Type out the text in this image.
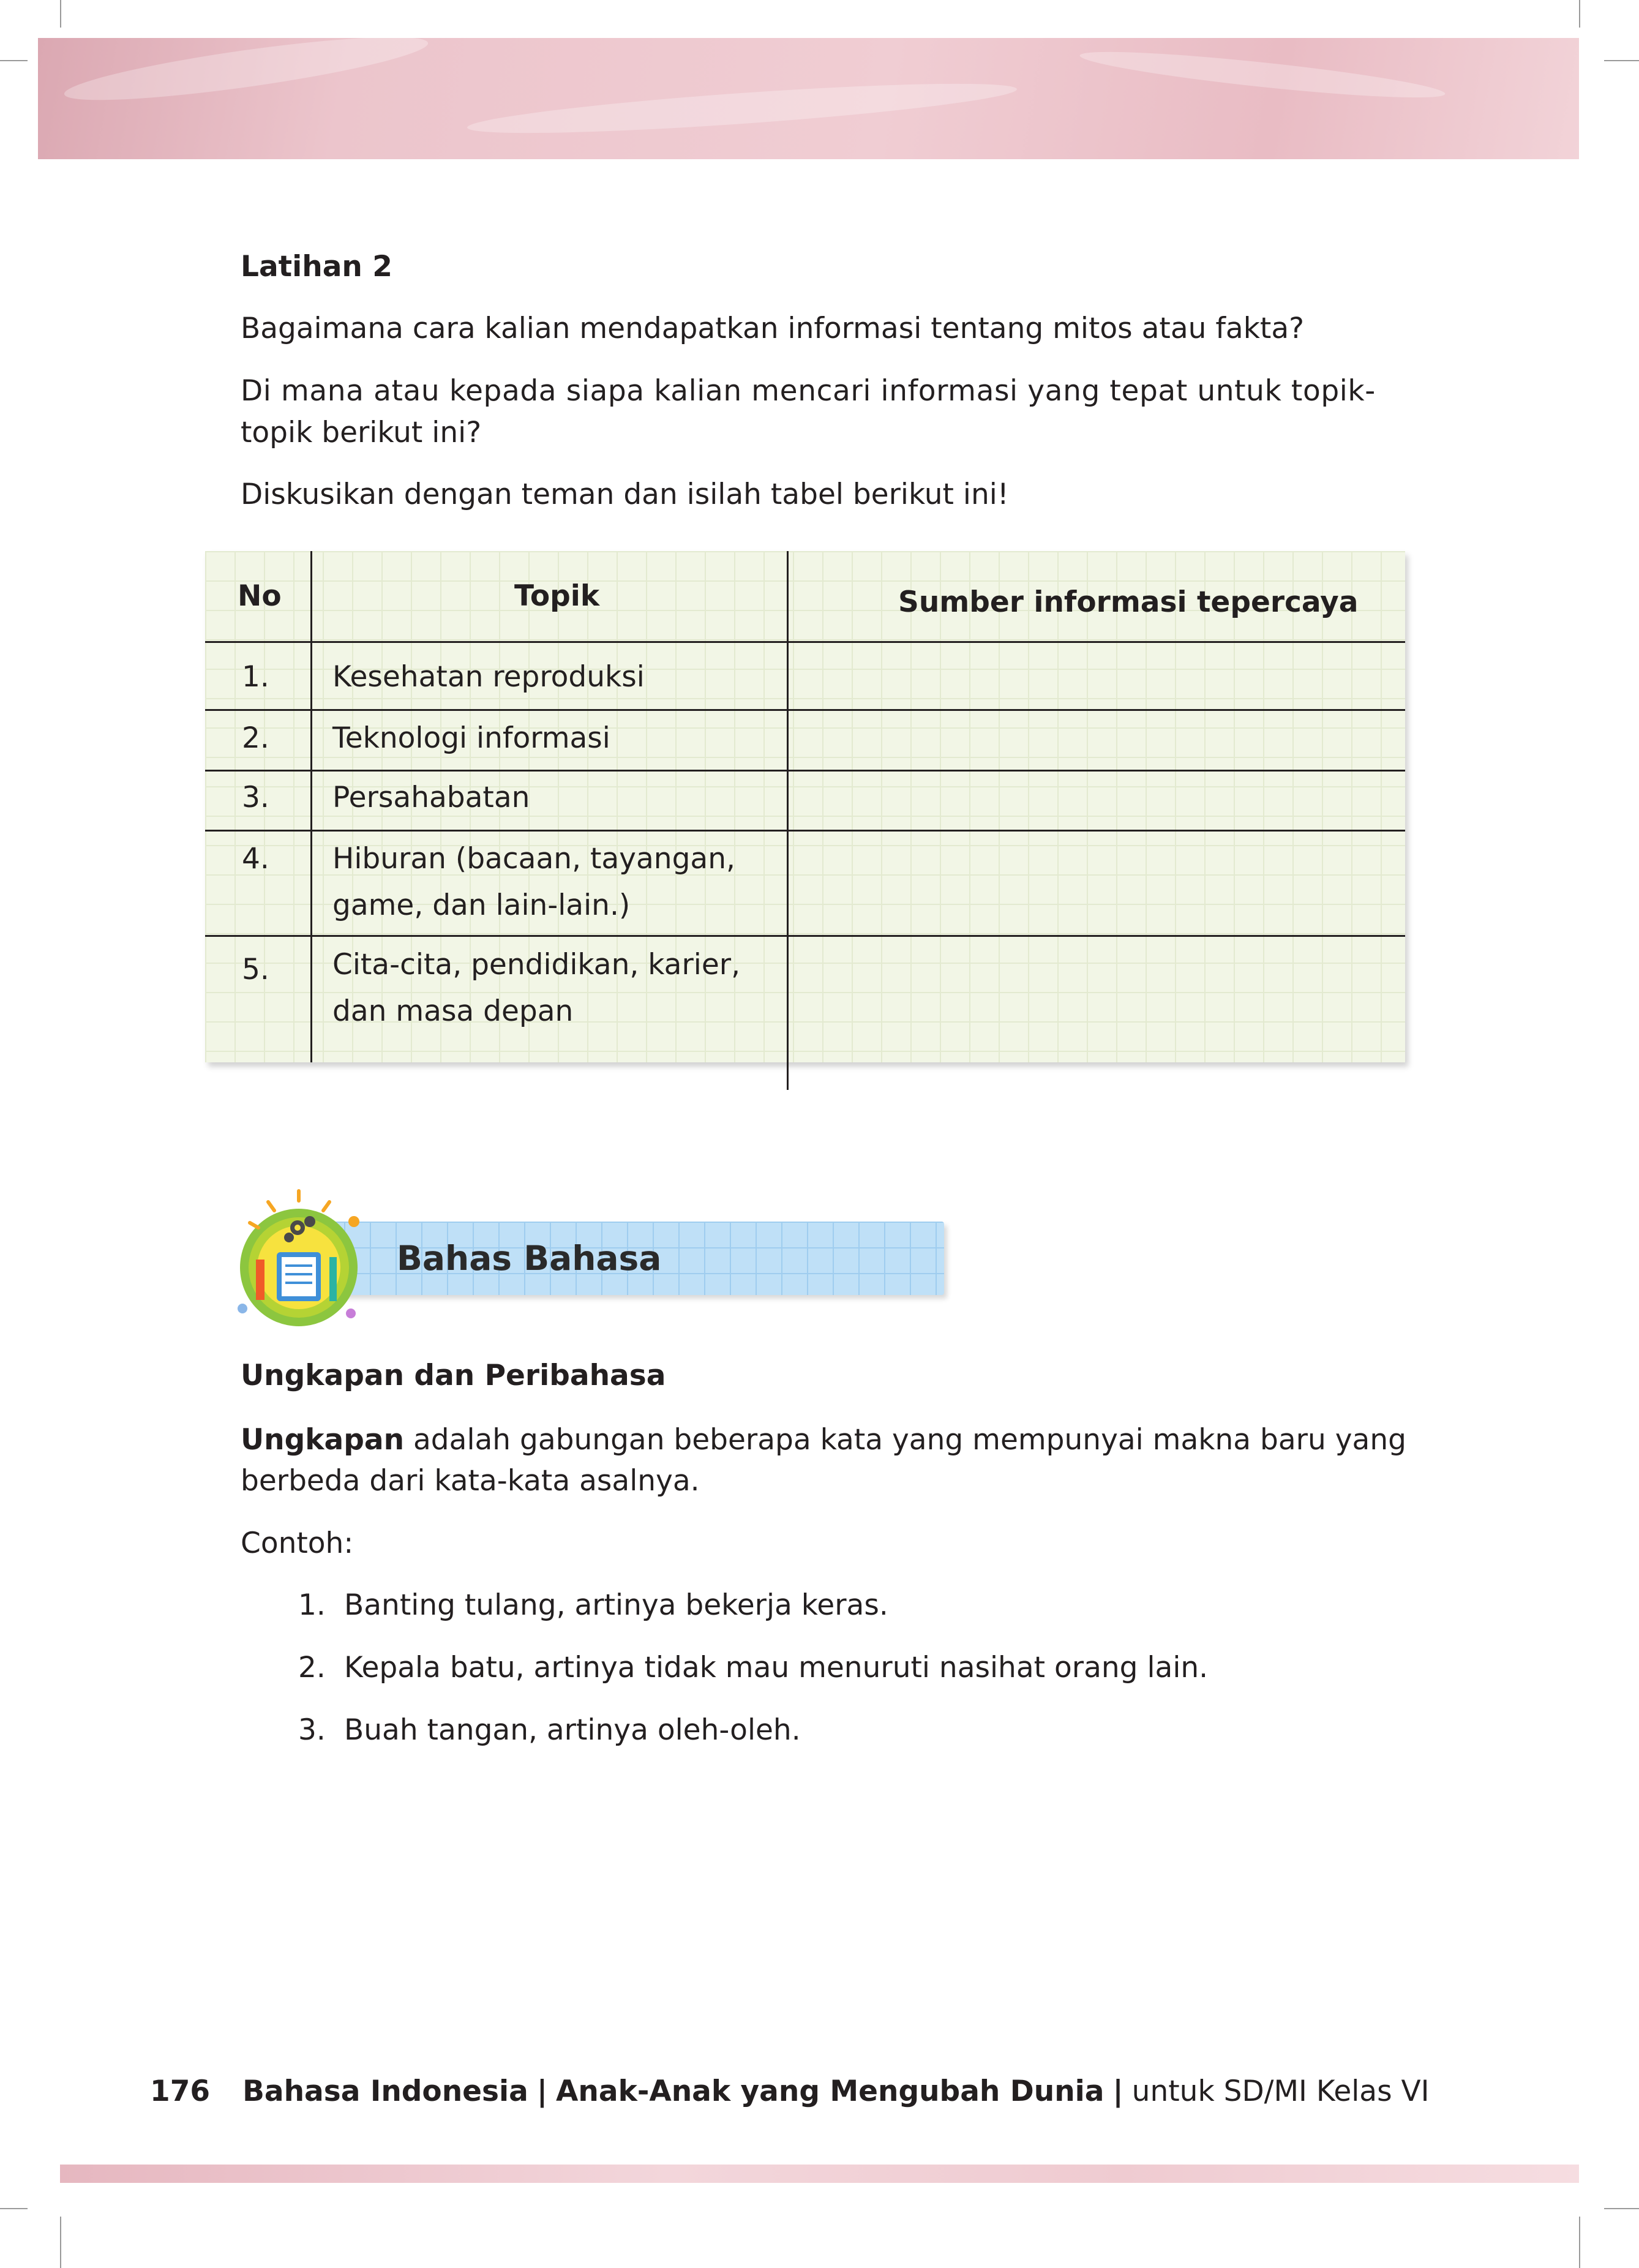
Latihan 2
Bagaimana cara kalian mendapatkan informasi tentang mitos atau fakta?
Di mana atau kepada siapa kalian mencari informasi yang tepat untuk topik-
topik berikut ini?
Diskusikan dengan teman dan isilah tabel berikut ini!
No	Topik	Sumber informasi tepercaya
1. Kesehatan reproduksi
2. Teknologi informasi
3. Persahabatan
4. Hiburan (bacaan, tayangan,
game, dan lain-lain.)
5. Cita-cita, pendidikan, karier,
dan masa depan
Bahas Bahasa
Ungkapan dan Peribahasa
Ungkapan adalah gabungan beberapa kata yang mempunyai makna baru yang
berbeda dari kata-kata asalnya.
Contoh:
1. Banting tulang, artinya bekerja keras.
2. Kepala batu, artinya tidak mau menuruti nasihat orang lain.
3. Buah tangan, artinya oleh-oleh.
176 Bahasa Indonesia | Anak-Anak yang Mengubah Dunia | untuk SD/MI Kelas VI
